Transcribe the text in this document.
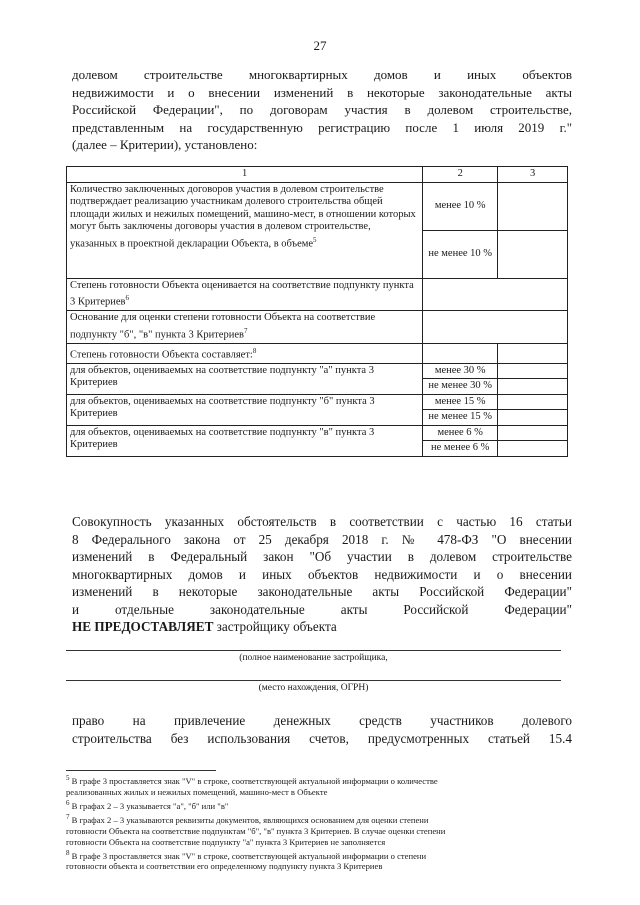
27
долевом строительстве многоквартирных домов и иных объектов
недвижимости и о внесении изменений в некоторые законодательные акты
Российской Федерации", по договорам участия в долевом строительстве,
представленным на государственную регистрацию после 1 июля 2019 г."
(далее – Критерии), установлено:
1	2	3
Количество заключенных договоров участия в долевом строительстве подтверждает реализацию участникам долевого строительства общей площади жилых и нежилых помещений, машино-мест, в отношении которых могут быть заключены договоры участия в долевом строительстве, указанных в проектной декларации Объекта, в объеме$^5$	менее 10 %	
	не менее 10 %	
Степень готовности Объекта оценивается на соответствие подпункту пункта 3 Критериев$^6$	
Основание для оценки степени готовности Объекта на соответствие подпункту "б", "в" пункта 3 Критериев$^7$	
Степень готовности Объекта составляет:$^8$		
для объектов, оцениваемых на соответствие подпункту "а" пункта 3 Критериев	менее 30 %	
	не менее 30 %	
для объектов, оцениваемых на соответствие подпункту "б" пункта 3 Критериев	менее 15 %	
	не менее 15 %	
для объектов, оцениваемых на соответствие подпункту "в" пункта 3 Критериев	менее 6 %	
	не менее 6 %	
Совокупность указанных обстоятельств в соответствии с частью 16 статьи
8 Федерального закона от 25 декабря 2018 г. № 478-ФЗ "О внесении
изменений в Федеральный закон "Об участии в долевом строительстве
многоквартирных домов и иных объектов недвижимости и о внесении
изменений в некоторые законодательные акты Российской Федерации"
и отдельные законодательные акты Российской Федерации"
НЕ ПРЕДОСТАВЛЯЕТ застройщику объекта
(полное наименование застройщика,
(место нахождения, ОГРН)
право на привлечение денежных средств участников долевого
строительства без использования счетов, предусмотренных статьей 15.4
$^5$ В графе 3 проставляется знак "V" в строке, соответствующей актуальной информации о количестве
реализованных жилых и нежилых помещений, машино-мест в Объекте
$^6$ В графах 2 – 3 указывается "а", "б" или "в"
$^7$ В графах 2 – 3 указываются реквизиты документов, являющихся основанием для оценки степени
готовности Объекта на соответствие подпунктам "б", "в" пункта 3 Критериев. В случае оценки степени
готовности Объекта на соответствие подпункту "а" пункта 3 Критериев не заполняется
$^8$ В графе 3 проставляется знак "V" в строке, соответствующей актуальной информации о степени
готовности объекта и соответствии его определенному подпункту пункта 3 Критериев
